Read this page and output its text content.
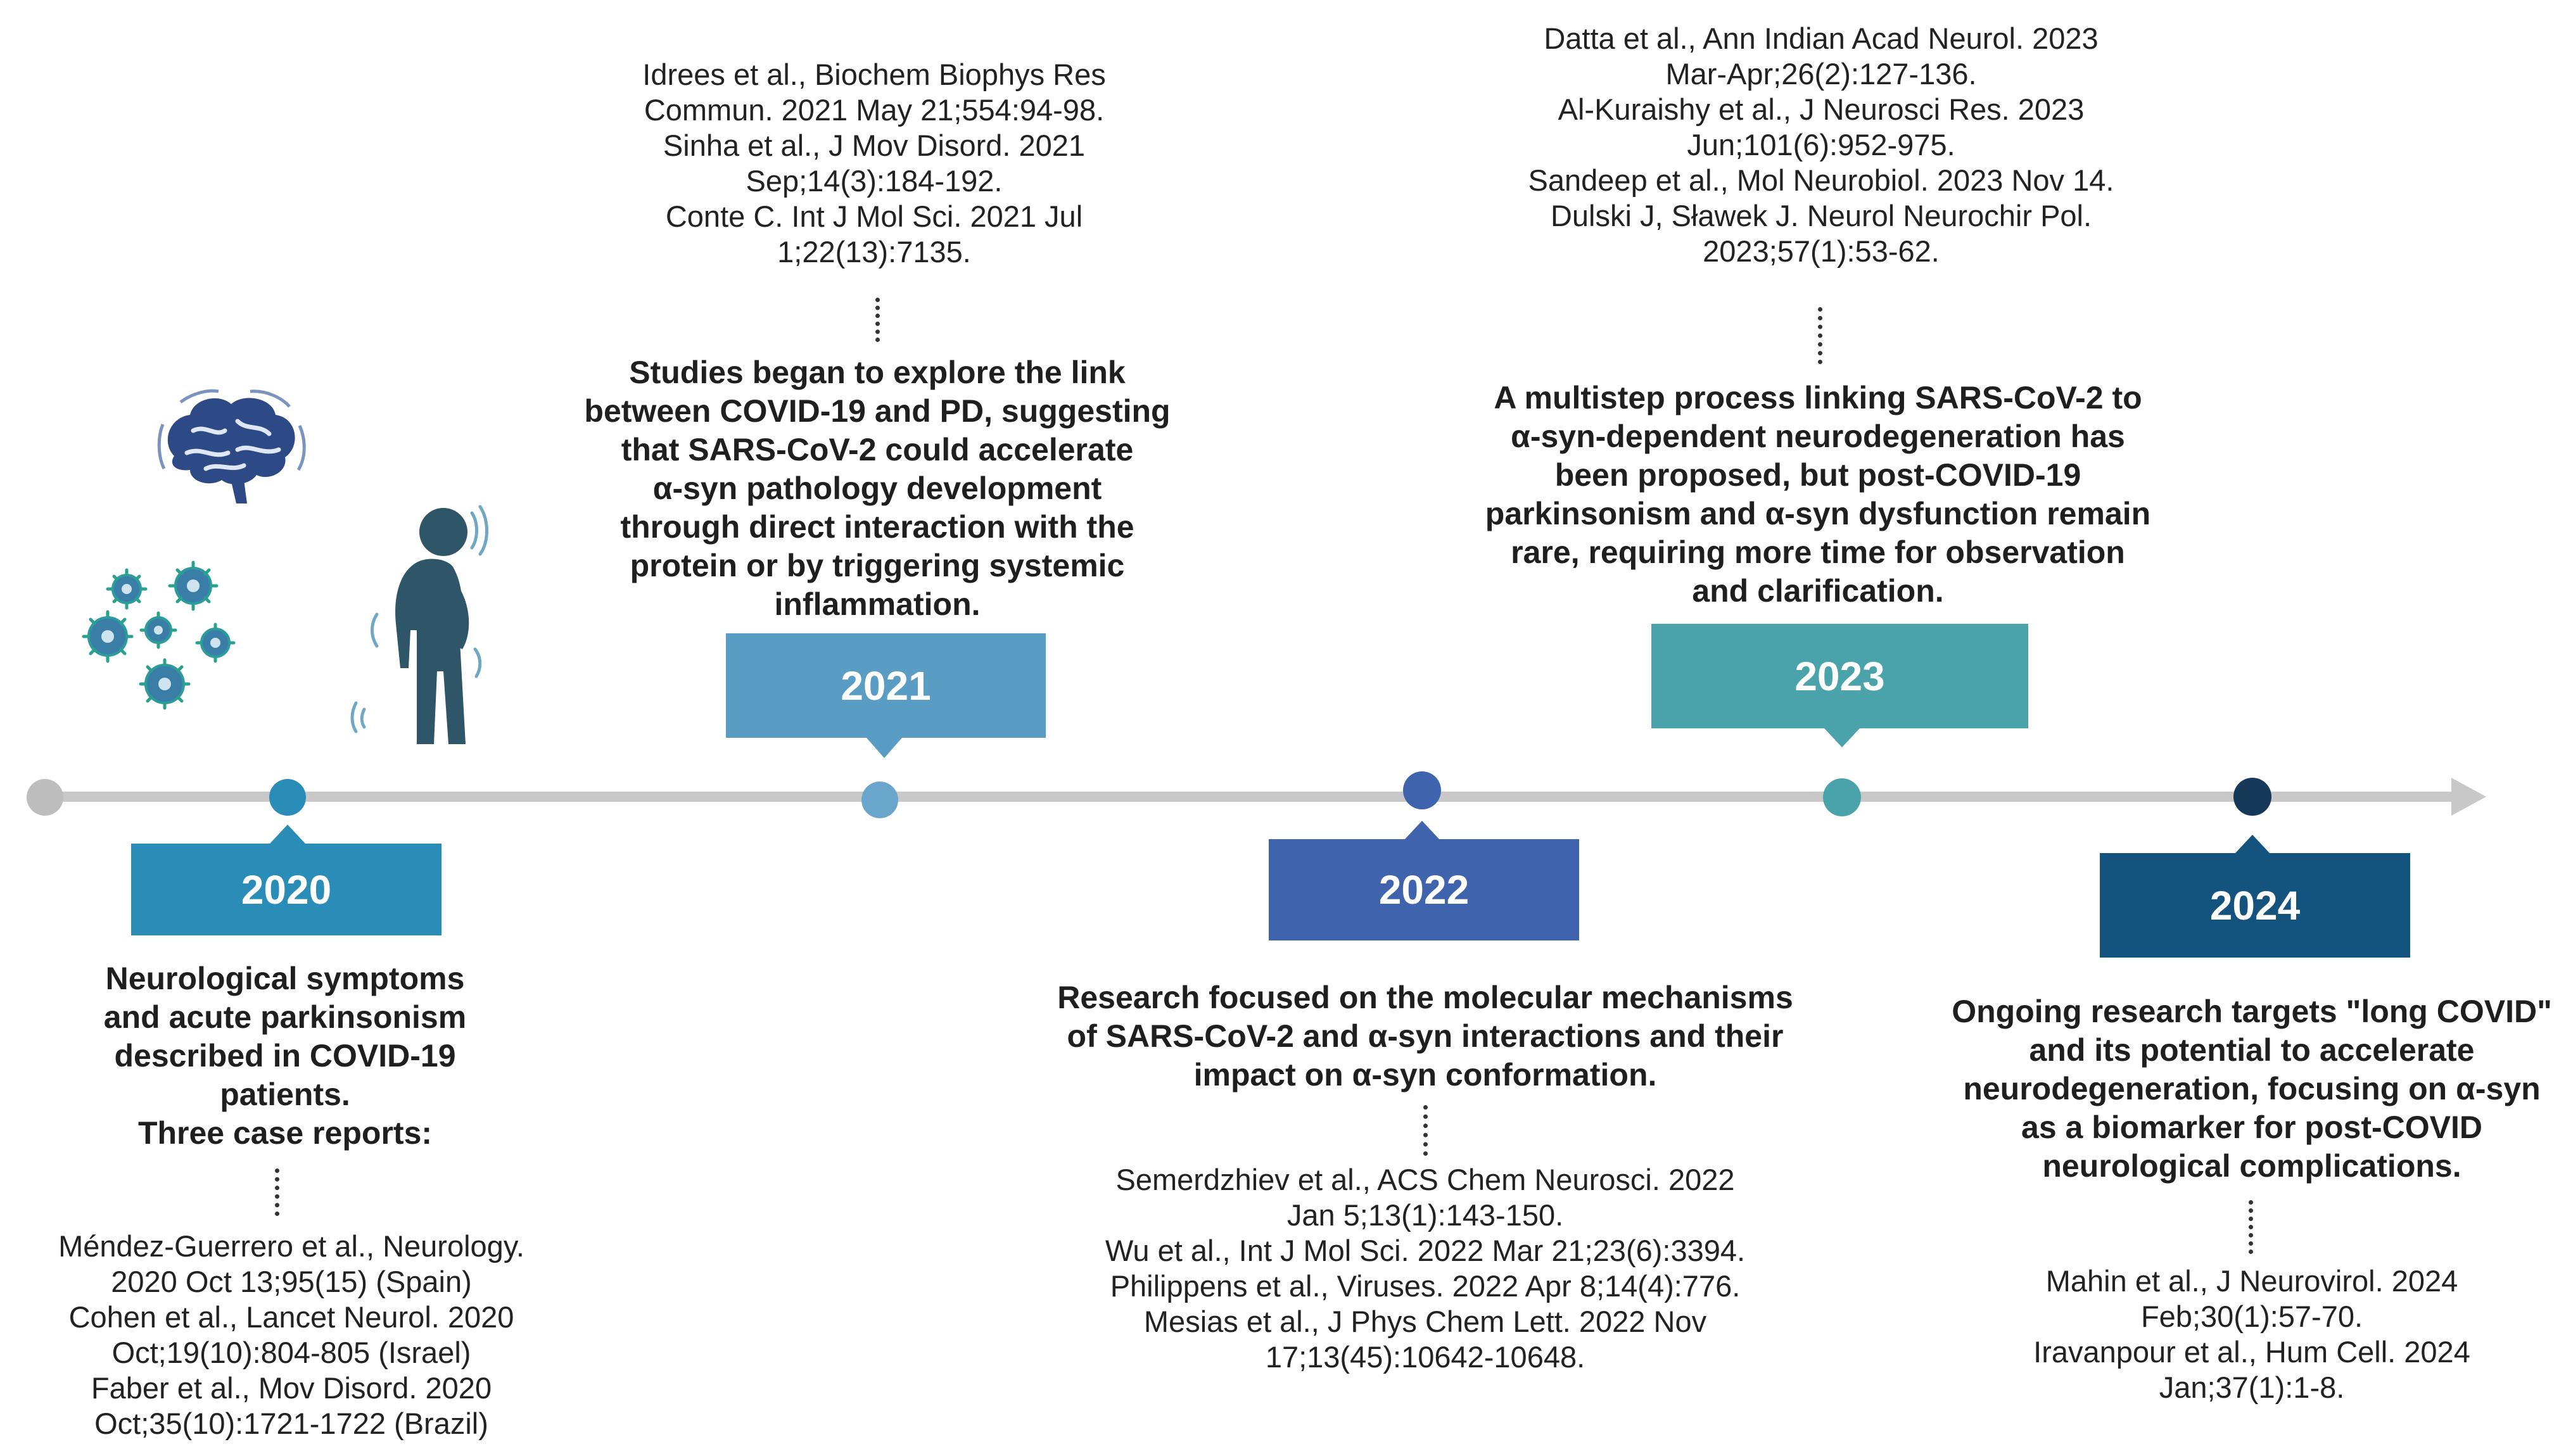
2020
Neurological symptoms
and acute parkinsonism
described in COVID-19
patients.
Three case reports:
Méndez-Guerrero et al., Neurology.
2020 Oct 13;95(15) (Spain)
Cohen et al., Lancet Neurol. 2020
Oct;19(10):804-805 (Israel)
Faber et al., Mov Disord. 2020
Oct;35(10):1721-1722 (Brazil)
Idrees et al., Biochem Biophys Res
Commun. 2021 May 21;554:94-98.
Sinha et al., J Mov Disord. 2021
Sep;14(3):184-192.
Conte C. Int J Mol Sci. 2021 Jul
1;22(13):7135.
Studies began to explore the link
between COVID-19 and PD, suggesting
that SARS-CoV-2 could accelerate
α-syn pathology development
through direct interaction with the
protein or by triggering systemic
inflammation.
2021
2022
Research focused on the molecular mechanisms
of SARS-CoV-2 and α-syn interactions and their
impact on α-syn conformation.
Semerdzhiev et al., ACS Chem Neurosci. 2022
Jan 5;13(1):143-150.
Wu et al., Int J Mol Sci. 2022 Mar 21;23(6):3394.
Philippens et al., Viruses. 2022 Apr 8;14(4):776.
Mesias et al., J Phys Chem Lett. 2022 Nov
17;13(45):10642-10648.
Datta et al., Ann Indian Acad Neurol. 2023
Mar-Apr;26(2):127-136.
Al-Kuraishy et al., J Neurosci Res. 2023
Jun;101(6):952-975.
Sandeep et al., Mol Neurobiol. 2023 Nov 14.
Dulski J, Sławek J. Neurol Neurochir Pol.
2023;57(1):53-62.
A multistep process linking SARS-CoV-2 to
α-syn-dependent neurodegeneration has
been proposed, but post-COVID-19
parkinsonism and α-syn dysfunction remain
rare, requiring more time for observation
and clarification.
2023
2024
Ongoing research targets "long COVID"
and its potential to accelerate
neurodegeneration, focusing on α-syn
as a biomarker for post-COVID
neurological complications.
Mahin et al., J Neurovirol. 2024
Feb;30(1):57-70.
Iravanpour et al., Hum Cell. 2024
Jan;37(1):1-8.
